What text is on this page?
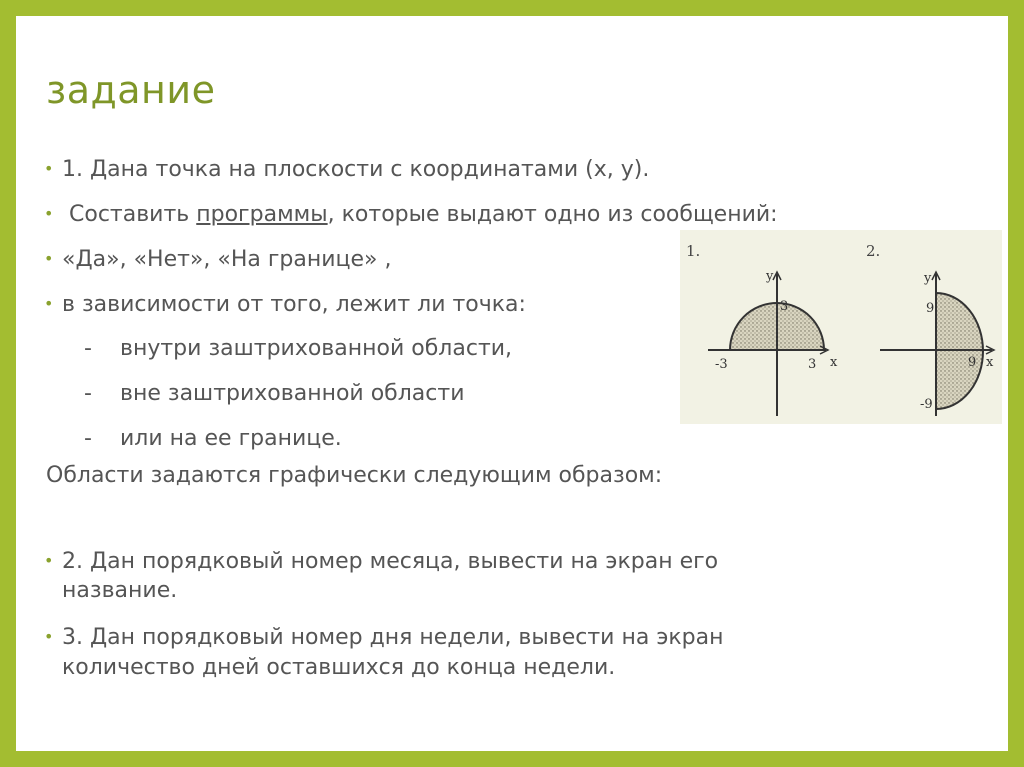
задание
• 1. Дана точка на плоскости с координатами (x, y).
• Составить программы, которые выдают одно из сообщений:
• «Да», «Нет», «На границе» ,
• в зависимости от того, лежит ли точка:
- внутри заштрихованной области,
- вне заштрихованной области
- или на ее границе.
Области задаются графически следующим образом:
• 2. Дан порядковый номер месяца, вывести на экран его
название.
• 3. Дан порядковый номер дня недели, вывести на экран
количество дней оставшихся до конца недели.
1.
y
3
-3	3 x
2.
y
9
-9
9 x
